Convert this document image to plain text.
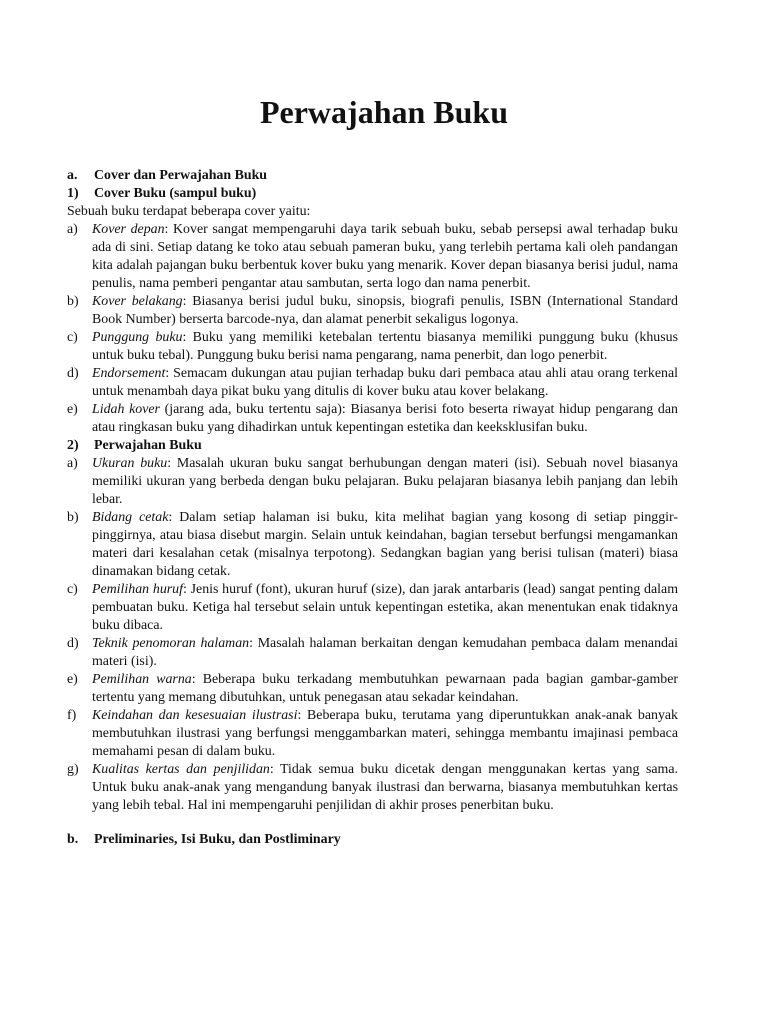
Perwajahan Buku
a.	Cover dan Perwajahan Buku
1)	Cover Buku (sampul buku)
Sebuah buku terdapat beberapa cover yaitu:
a)	Kover depan: Kover sangat mempengaruhi daya tarik sebuah buku, sebab persepsi awal terhadap buku ada di sini. Setiap datang ke toko atau sebuah pameran buku, yang terlebih pertama kali oleh pandangan kita adalah pajangan buku berbentuk kover buku yang menarik. Kover depan biasanya berisi judul, nama penulis, nama pemberi pengantar atau sambutan, serta logo dan nama penerbit.
b) Kover belakang: Biasanya berisi judul buku, sinopsis, biografi penulis, ISBN (International Standard Book Number) berserta barcode-nya, dan alamat penerbit sekaligus logonya.
c)	Punggung buku: Buku yang memiliki ketebalan tertentu biasanya memiliki punggung buku (khusus untuk buku tebal). Punggung buku berisi nama pengarang, nama penerbit, dan logo penerbit.
d) Endorsement: Semacam dukungan atau pujian terhadap buku dari pembaca atau ahli atau orang terkenal untuk menambah daya pikat buku yang ditulis di kover buku atau kover belakang.
e)	Lidah kover (jarang ada, buku tertentu saja): Biasanya berisi foto beserta riwayat hidup pengarang dan atau ringkasan buku yang dihadirkan untuk kepentingan estetika dan keeksklusifan buku.
2)	Perwajahan Buku
a)	Ukuran buku: Masalah ukuran buku sangat berhubungan dengan materi (isi). Sebuah novel biasanya memiliki ukuran yang berbeda dengan buku pelajaran. Buku pelajaran biasanya lebih panjang dan lebih lebar.
b) Bidang cetak: Dalam setiap halaman isi buku, kita melihat bagian yang kosong di setiap pinggir-pinggirnya, atau biasa disebut margin. Selain untuk keindahan, bagian tersebut berfungsi mengamankan materi dari kesalahan cetak (misalnya terpotong). Sedangkan bagian yang berisi tulisan (materi) biasa dinamakan bidang cetak.
c)	Pemilihan huruf: Jenis huruf (font), ukuran huruf (size), dan jarak antarbaris (lead) sangat penting dalam pembuatan buku. Ketiga hal tersebut selain untuk kepentingan estetika, akan menentukan enak tidaknya buku dibaca.
d) Teknik penomoran halaman: Masalah halaman berkaitan dengan kemudahan pembaca dalam menandai materi (isi).
e)	Pemilihan warna: Beberapa buku terkadang membutuhkan pewarnaan pada bagian gambar-gamber tertentu yang memang dibutuhkan, untuk penegasan atau sekadar keindahan.
f)	Keindahan dan kesesuaian ilustrasi: Beberapa buku, terutama yang diperuntukkan anak-anak banyak membutuhkan ilustrasi yang berfungsi menggambarkan materi, sehingga membantu imajinasi pembaca memahami pesan di dalam buku.
g) Kualitas kertas dan penjilidan: Tidak semua buku dicetak dengan menggunakan kertas yang sama. Untuk buku anak-anak yang mengandung banyak ilustrasi dan berwarna, biasanya membutuhkan kertas yang lebih tebal. Hal ini mempengaruhi penjilidan di akhir proses penerbitan buku.
b.	Preliminaries, Isi Buku, dan Postliminary
